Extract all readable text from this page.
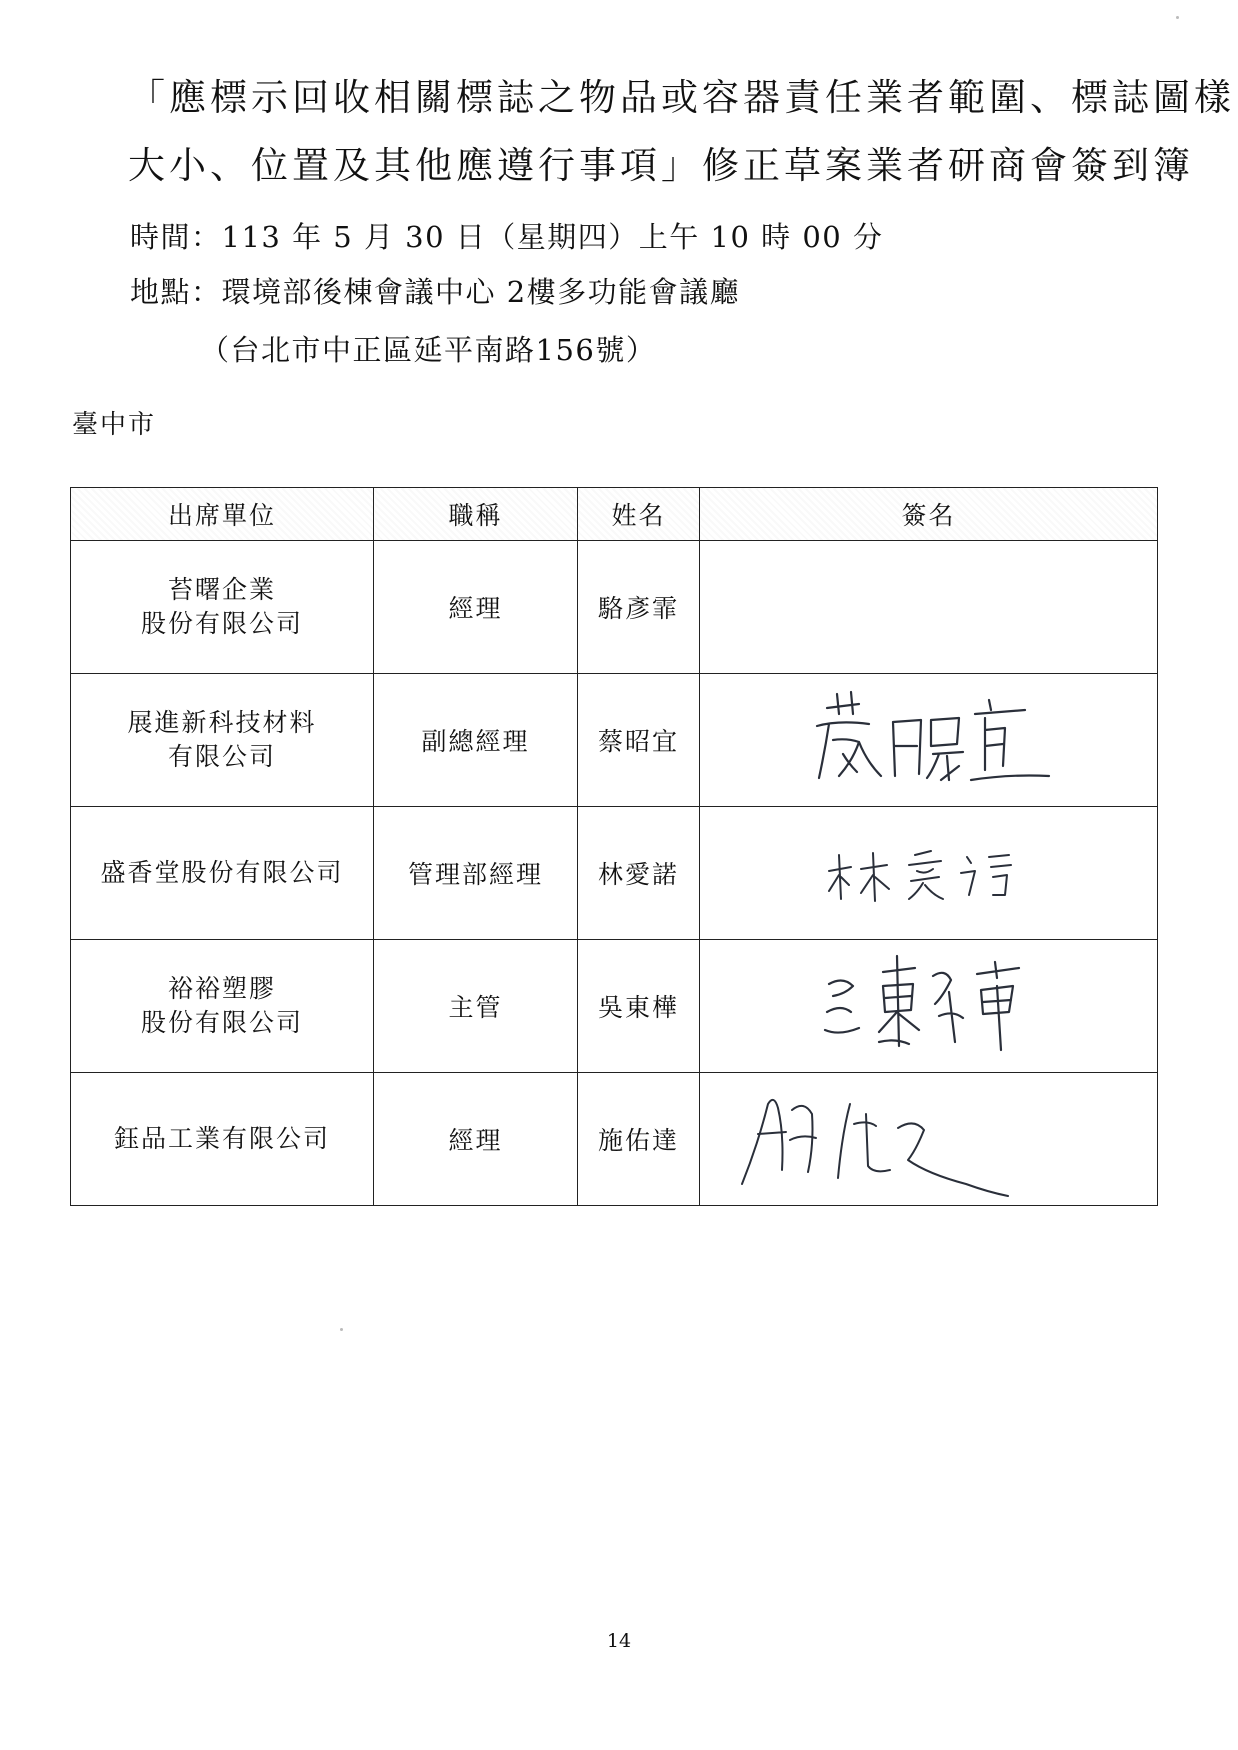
「應標示回收相關標誌之物品或容器責任業者範圍、標誌圖樣
大小、位置及其他應遵行事項」修正草案業者研商會簽到簿
時間：113 年 5 月 30 日（星期四）上午 10 時 00 分
地點：環境部後棟會議中心 2樓多功能會議廳
（台北市中正區延平南路156號）
臺中市
出席單位	職稱	姓名	簽名

苔曙企業
股份有限公司	經理	駱彥霏	

展進新科技材料
有限公司	副總經理	蔡昭宜	

盛香堂股份有限公司	管理部經理	林愛諾	

裕裕塑膠
股份有限公司	主管	吳東樺	

鈺品工業有限公司	經理	施佑達	
14
